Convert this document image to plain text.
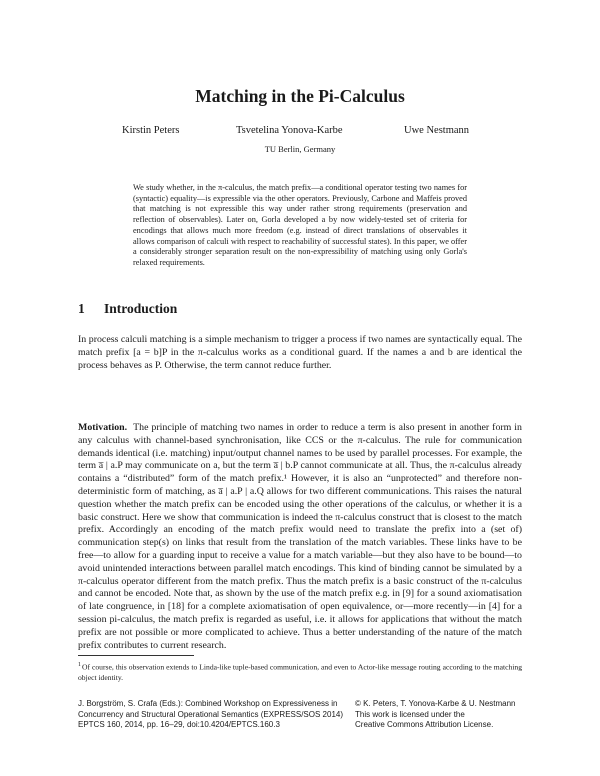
Matching in the Pi-Calculus
Kirstin Peters	Tsvetelina Yonova-Karbe	Uwe Nestmann
TU Berlin, Germany
We study whether, in the π-calculus, the match prefix—a conditional operator testing two names for (syntactic) equality—is expressible via the other operators. Previously, Carbone and Maffeis proved that matching is not expressible this way under rather strong requirements (preservation and reflection of observables). Later on, Gorla developed a by now widely-tested set of criteria for encodings that allows much more freedom (e.g. instead of direct translations of observables it allows comparison of calculi with respect to reachability of successful states). In this paper, we offer a considerably stronger separation result on the non-expressibility of matching using only Gorla's relaxed requirements.
1 Introduction
In process calculi matching is a simple mechanism to trigger a process if two names are syntactically equal. The match prefix [a = b]P in the π-calculus works as a conditional guard. If the names a and b are identical the process behaves as P. Otherwise, the term cannot reduce further.
Motivation. The principle of matching two names in order to reduce a term is also present in another form in any calculus with channel-based synchronisation, like CCS or the π-calculus. The rule for communication demands identical (i.e. matching) input/output channel names to be used by parallel processes. For example, the term a̅ | a.P may communicate on a, but the term a̅ | b.P cannot communicate at all. Thus, the π-calculus already contains a “distributed” form of the match prefix.¹ However, it is also an “unprotected” and therefore non-deterministic form of matching, as a̅ | a.P | a.Q allows for two different communications. This raises the natural question whether the match prefix can be encoded using the other operations of the calculus, or whether it is a basic construct. Here we show that communication is indeed the π-calculus construct that is closest to the match prefix. Accordingly an encoding of the match prefix would need to translate the prefix into a (set of) communication step(s) on links that result from the translation of the match variables. These links have to be free—to allow for a guarding input to receive a value for a match variable—but they also have to be bound—to avoid unintended interactions between parallel match encodings. This kind of binding cannot be simulated by a π-calculus operator different from the match prefix. Thus the match prefix is a basic construct of the π-calculus and cannot be encoded. Note that, as shown by the use of the match prefix e.g. in [9] for a sound axiomatisation of late congruence, in [18] for a complete axiomatisation of open equivalence, or—more recently—in [4] for a session pi-calculus, the match prefix is regarded as useful, i.e. it allows for applications that without the match prefix are not possible or more complicated to achieve. Thus a better understanding of the nature of the match prefix contributes to current research.
$^1$Of course, this observation extends to Linda-like tuple-based communication, and even to Actor-like message routing according to the matching object identity.
J. Borgström, S. Crafa (Eds.): Combined Workshop on Expressiveness in
Concurrency and Structural Operational Semantics (EXPRESS/SOS 2014)
EPTCS 160, 2014, pp. 16–29, doi:10.4204/EPTCS.160.3
© K. Peters, T. Yonova-Karbe & U. Nestmann
This work is licensed under the
Creative Commons Attribution License.
